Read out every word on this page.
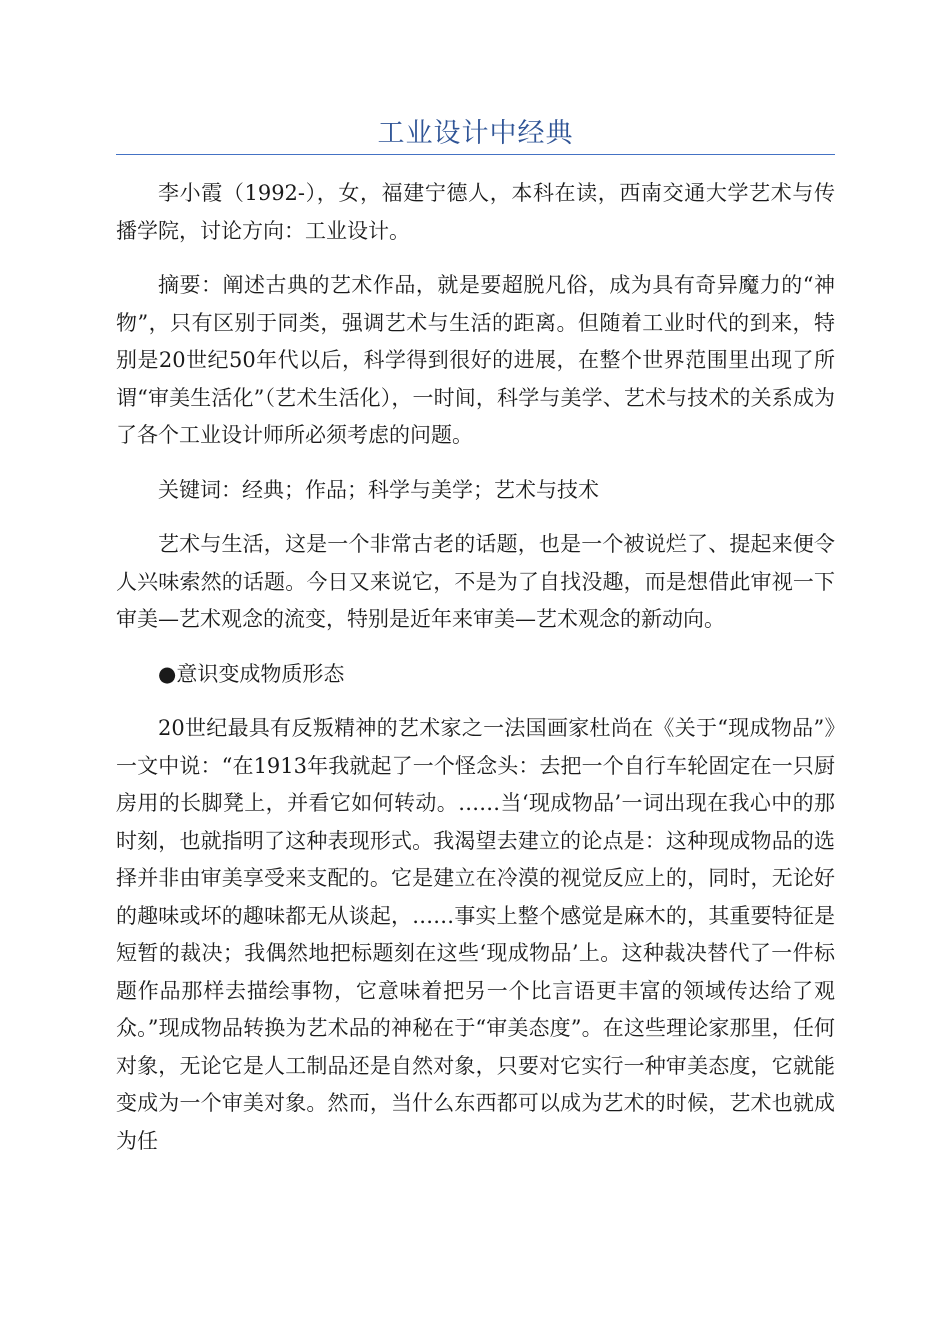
工业设计中经典

李小霞（1992-），女，福建宁德人，本科在读，西南交通大学艺术与传播学院，讨论方向：工业设计。

摘要：阐述古典的艺术作品，就是要超脱凡俗，成为具有奇异魔力的“神物”，只有区别于同类，强调艺术与生活的距离。但随着工业时代的到来，特别是20世纪50年代以后，科学得到很好的进展，在整个世界范围里出现了所谓“审美生活化”（艺术生活化），一时间，科学与美学、艺术与技术的关系成为了各个工业设计师所必须考虑的问题。

关键词：经典；作品；科学与美学；艺术与技术

艺术与生活，这是一个非常古老的话题，也是一个被说烂了、提起来便令人兴味索然的话题。今日又来说它，不是为了自找没趣，而是想借此审视一下审美—艺术观念的流变，特别是近年来审美—艺术观念的新动向。

●意识变成物质形态

20世纪最具有反叛精神的艺术家之一法国画家杜尚在《关于“现成物品”》一文中说：“在1913年我就起了一个怪念头：去把一个自行车轮固定在一只厨房用的长脚凳上，并看它如何转动。……当‘现成物品’一词出现在我心中的那时刻，也就指明了这种表现形式。我渴望去建立的论点是：这种现成物品的选择并非由审美享受来支配的。它是建立在冷漠的视觉反应上的，同时，无论好的趣味或坏的趣味都无从谈起，……事实上整个感觉是麻木的，其重要特征是短暂的裁决；我偶然地把标题刻在这些‘现成物品’上。这种裁决替代了一件标题作品那样去描绘事物，它意味着把另一个比言语更丰富的领域传达给了观众。”现成物品转换为艺术品的神秘在于“审美态度”。在这些理论家那里，任何对象，无论它是人工制品还是自然对象，只要对它实行一种审美态度，它就能变成为一个审美对象。然而，当什么东西都可以成为艺术的时候，艺术也就成为任
